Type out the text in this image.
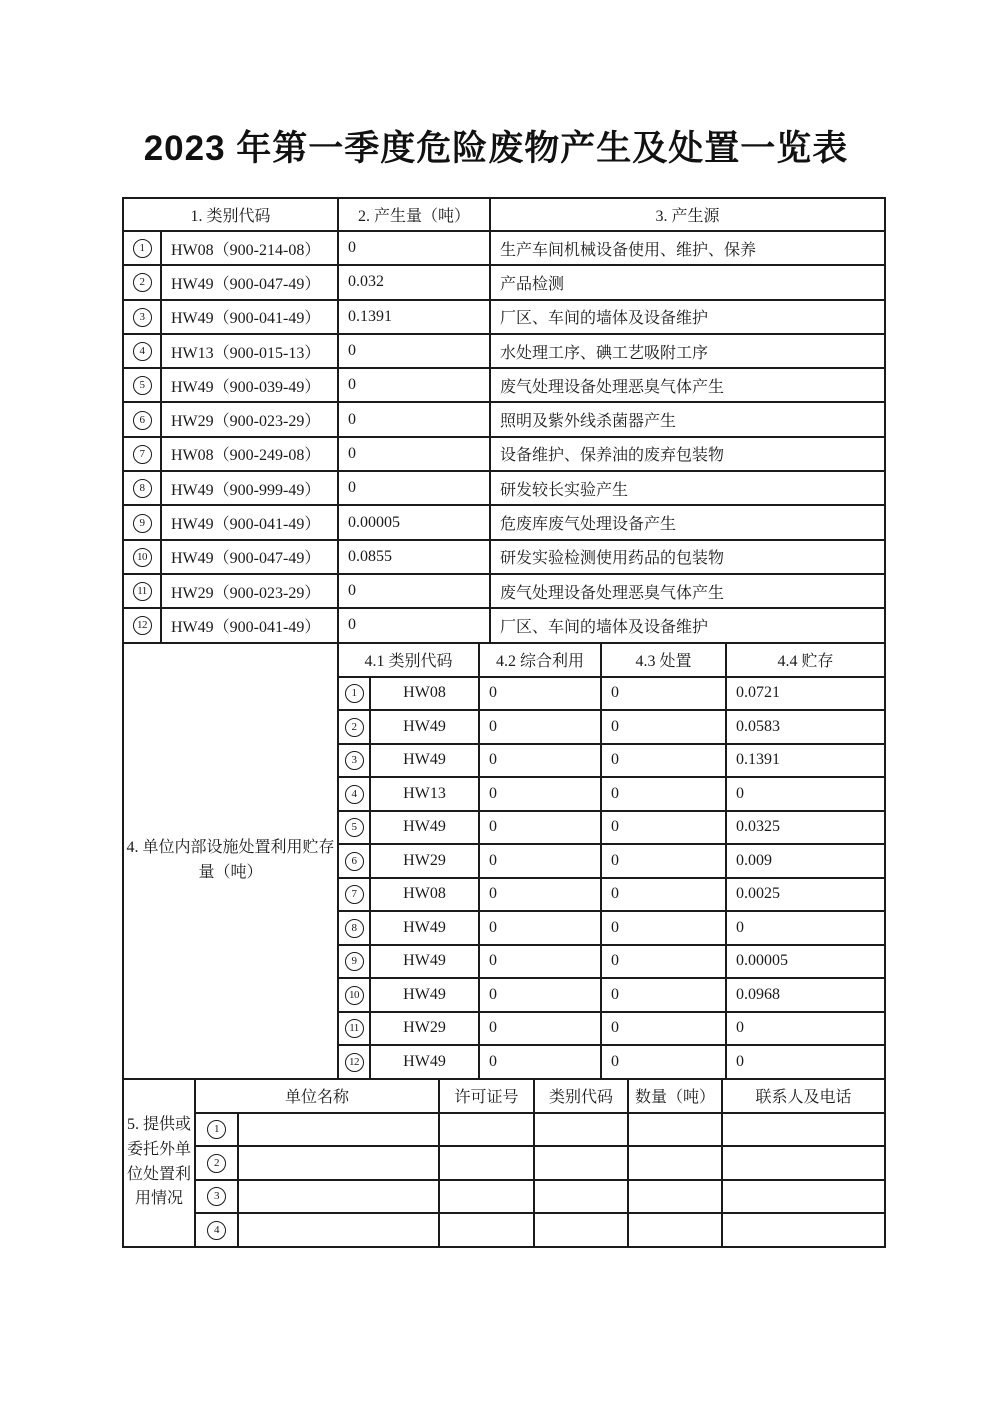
2023 年第一季度危险废物产生及处置一览表
1. 类别代码		2. 产生量（吨）	3. 产生源
1	HW08（900-214-08）	0	生产车间机械设备使用、维护、保养
2	HW49（900-047-49）	0.032	产品检测
3	HW49（900-041-49）	0.1391	厂区、车间的墙体及设备维护
4	HW13（900-015-13）	0	水处理工序、碘工艺吸附工序
5	HW49（900-039-49）	0	废气处理设备处理恶臭气体产生
6	HW29（900-023-29）	0	照明及紫外线杀菌器产生
7	HW08（900-249-08）	0	设备维护、保养油的废弃包装物
8	HW49（900-999-49）	0	研发较长实验产生
9	HW49（900-041-49）	0.00005	危废库废气处理设备产生
10	HW49（900-047-49）	0.0855	研发实验检测使用药品的包装物
11	HW29（900-023-29）	0	废气处理设备处理恶臭气体产生
12	HW49（900-041-49）	0	厂区、车间的墙体及设备维护
4. 单位内部设施处置利用贮存量（吨）	4.1 类别代码		4.2 综合利用	4.3 处置	4.4 贮存
	1	HW08	0	0	0.0721
	2	HW49	0	0	0.0583
	3	HW49	0	0	0.1391
	4	HW13	0	0	0
	5	HW49	0	0	0.0325
	6	HW29	0	0	0.009
	7	HW08	0	0	0.0025
	8	HW49	0	0	0
	9	HW49	0	0	0.00005
	10	HW49	0	0	0.0968
	11	HW29	0	0	0
	12	HW49	0	0	0
5. 提供或委托外单位处置利用情况	单位名称		许可证号	类别代码	数量（吨）	联系人及电话
	1					
	2					
	3					
	4					
